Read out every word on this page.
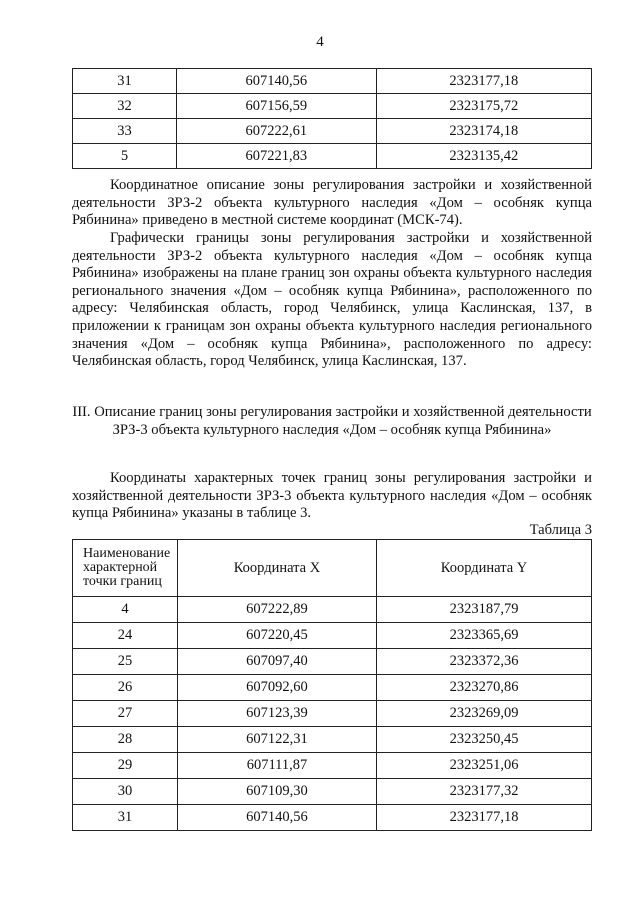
4
31	607140,56	2323177,18
32	607156,59	2323175,72
33	607222,61	2323174,18
5	607221,83	2323135,42
Координатное описание зоны регулирования застройки и хозяйственной деятельности ЗРЗ-2 объекта культурного наследия «Дом – особняк купца Рябинина» приведено в местной системе координат (МСК-74).
Графически границы зоны регулирования застройки и хозяйственной деятельности ЗРЗ-2 объекта культурного наследия «Дом – особняк купца Рябинина» изображены на плане границ зон охраны объекта культурного наследия регионального значения «Дом – особняк купца Рябинина», расположенного по адресу: Челябинская область, город Челябинск, улица Каслинская, 137, в приложении к границам зон охраны объекта культурного наследия регионального значения «Дом – особняк купца Рябинина», расположенного по адресу: Челябинская область, город Челябинск, улица Каслинская, 137.
III. Описание границ зоны регулирования застройки и хозяйственной деятельности ЗРЗ-3 объекта культурного наследия «Дом – особняк купца Рябинина»
Координаты характерных точек границ зоны регулирования застройки и хозяйственной деятельности ЗРЗ-3 объекта культурного наследия «Дом – особняк купца Рябинина» указаны в таблице 3.
Таблица 3
Наименование характерной точки границ	Координата X	Координата Y
4	607222,89	2323187,79
24	607220,45	2323365,69
25	607097,40	2323372,36
26	607092,60	2323270,86
27	607123,39	2323269,09
28	607122,31	2323250,45
29	607111,87	2323251,06
30	607109,30	2323177,32
31	607140,56	2323177,18
